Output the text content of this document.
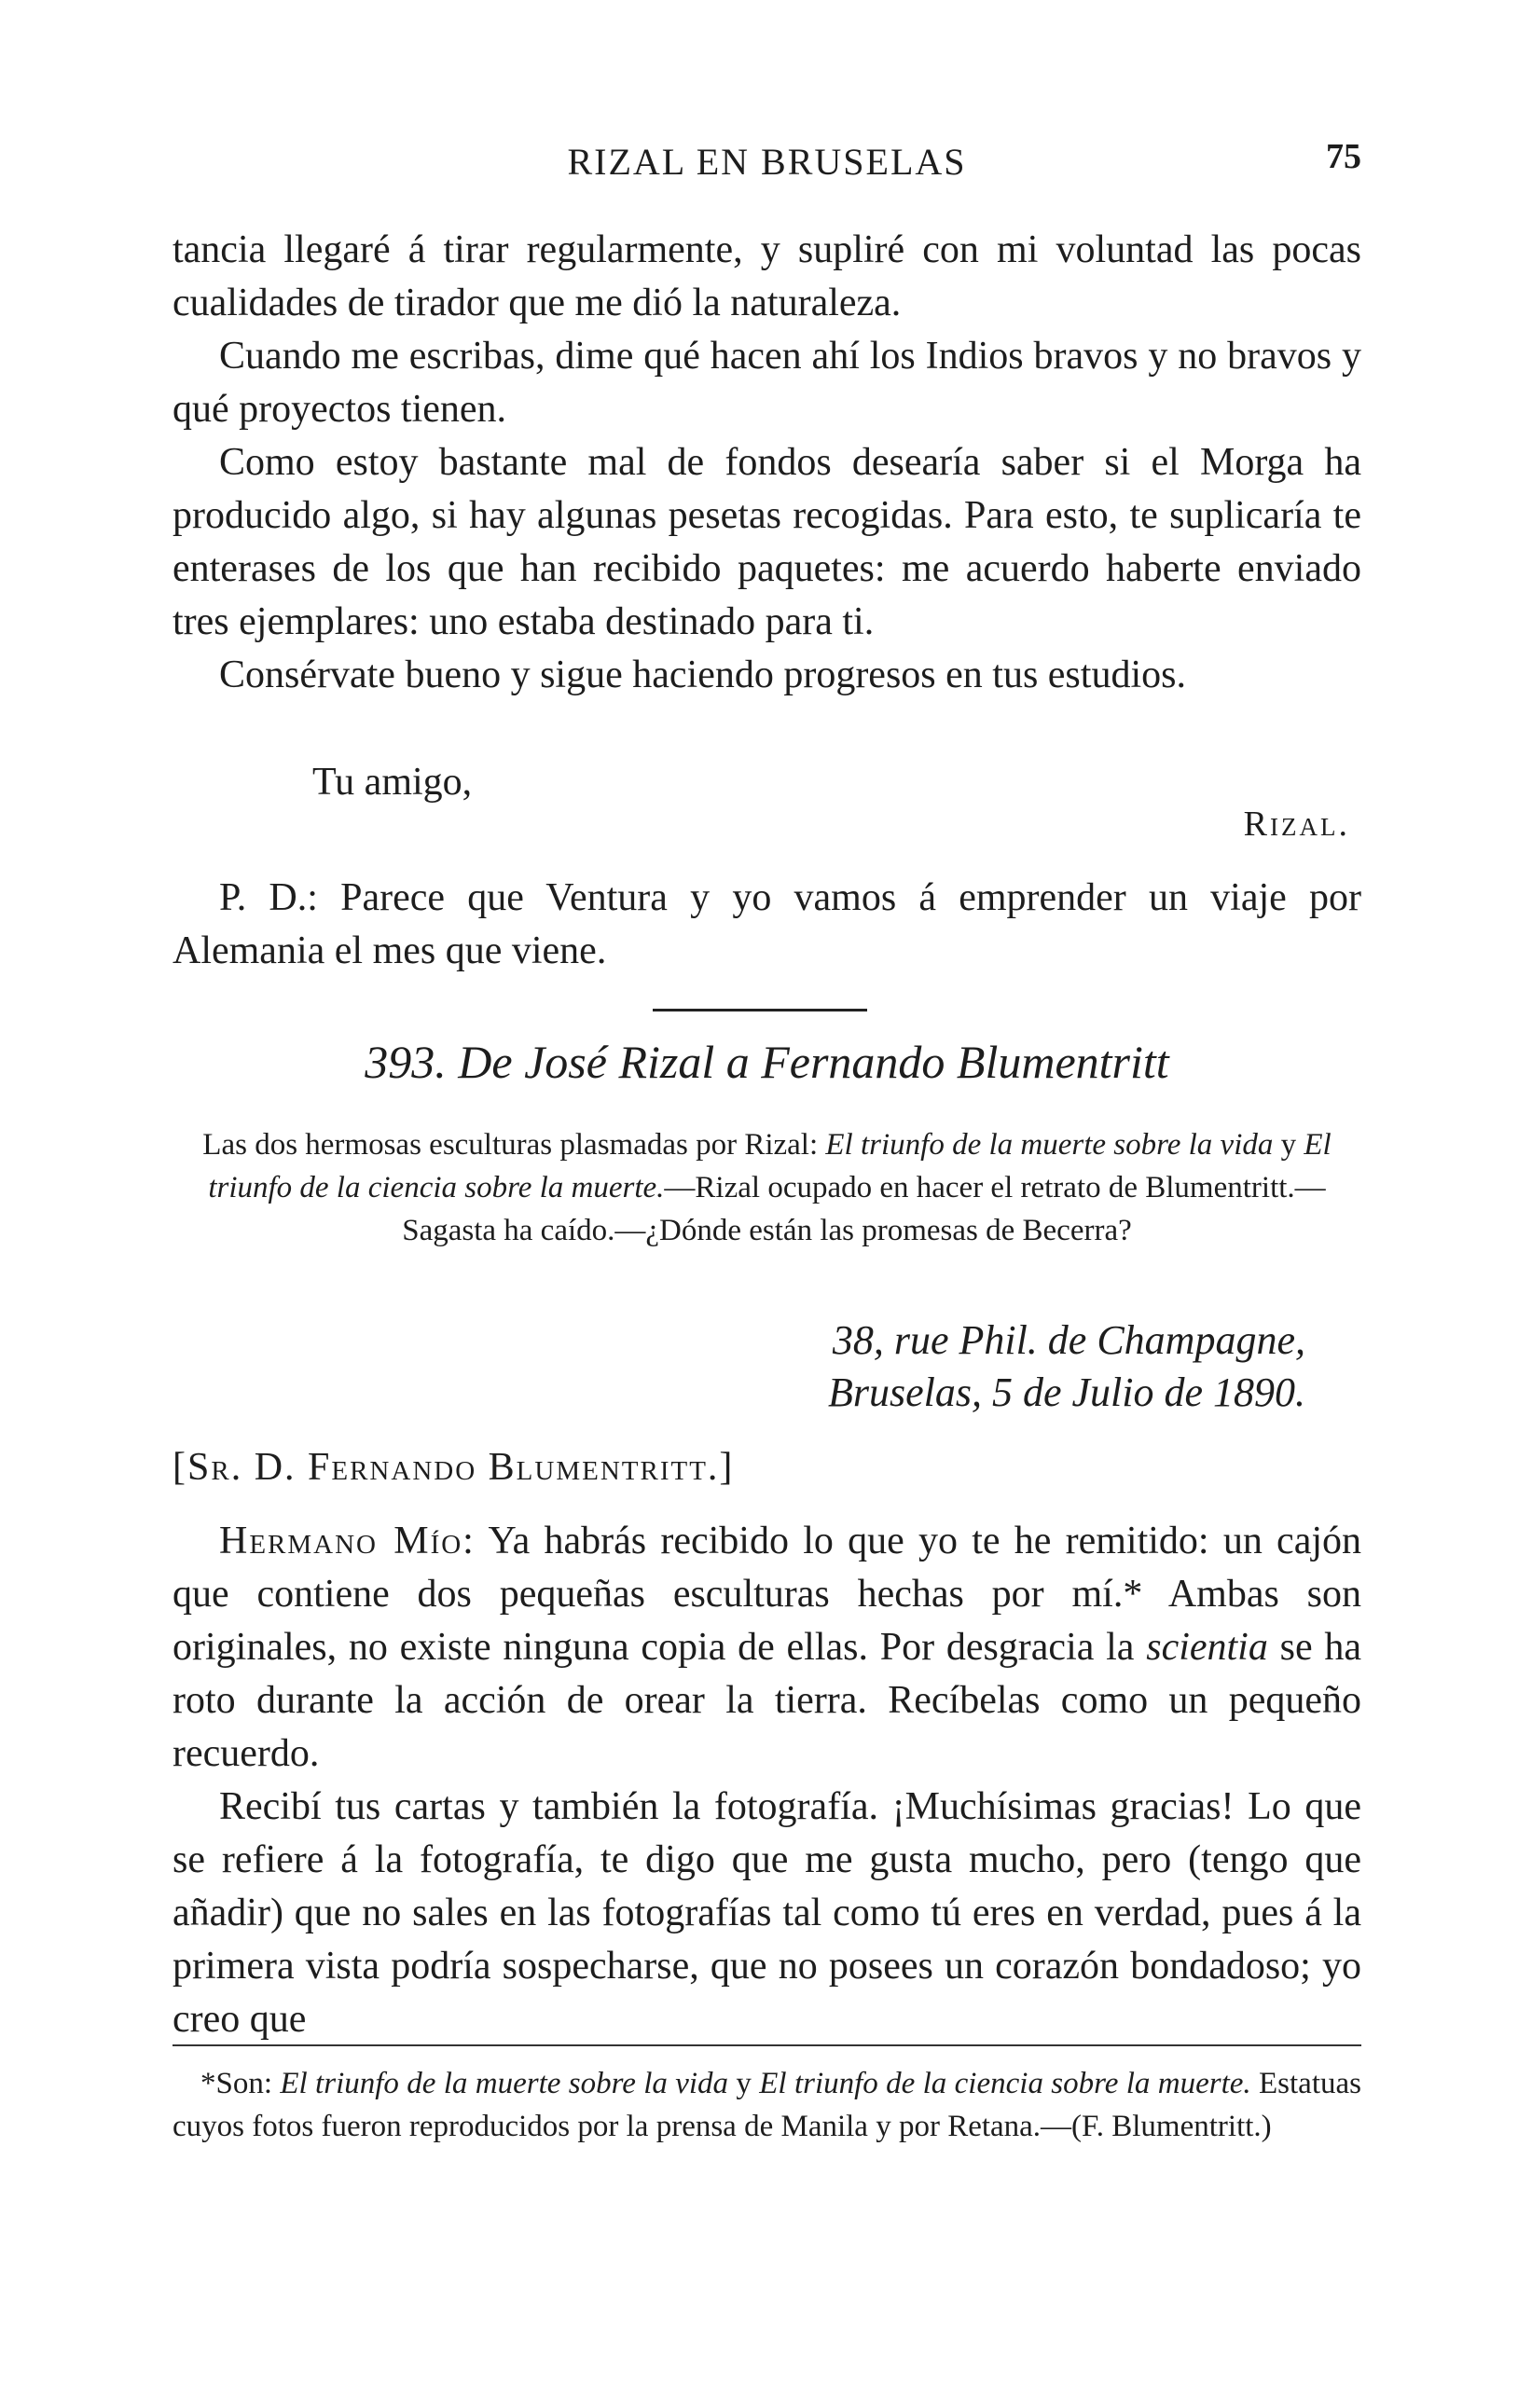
RIZAL EN BRUSELAS	75

tancia llegaré á tirar regularmente, y supliré con mi voluntad las pocas cualidades de tirador que me dió la naturaleza.

Cuando me escribas, dime qué hacen ahí los Indios bravos y no bravos y qué proyectos tienen.

Como estoy bastante mal de fondos desearía saber si el Morga ha producido algo, si hay algunas pesetas recogidas. Para esto, te suplicaría te enterases de los que han recibido paquetes: me acuerdo haberte enviado tres ejemplares: uno estaba destinado para ti.

Consérvate bueno y sigue haciendo progresos en tus estudios.

Tu amigo,
Rizal.

P. D.: Parece que Ventura y yo vamos á emprender un viaje por Alemania el mes que viene.

393. De José Rizal a Fernando Blumentritt
Las dos hermosas esculturas plasmadas por Rizal: El triunfo de la muerte sobre la vida y El triunfo de la ciencia sobre la muerte.—Rizal ocupado en hacer el retrato de Blumentritt.—Sagasta ha caído.—¿Dónde están las promesas de Becerra?
38, rue Phil. de Champagne,
Bruselas, 5 de Julio de 1890.
[Sr. D. Fernando Blumentritt.]

Hermano Mío: Ya habrás recibido lo que yo te he remitido: un cajón que contiene dos pequeñas esculturas hechas por mí.* Ambas son originales, no existe ninguna copia de ellas. Por desgracia la scientia se ha roto durante la acción de orear la tierra. Recíbelas como un pequeño recuerdo.

Recibí tus cartas y también la fotografía. ¡Muchísimas gracias! Lo que se refiere á la fotografía, te digo que me gusta mucho, pero (tengo que añadir) que no sales en las fotografías tal como tú eres en verdad, pues á la primera vista podría sospecharse, que no posees un corazón bondadoso; yo creo que

*Son: El triunfo de la muerte sobre la vida y El triunfo de la ciencia sobre la muerte. Estatuas cuyos fotos fueron reproducidos por la prensa de Manila y por Retana.—(F. Blumentritt.)
